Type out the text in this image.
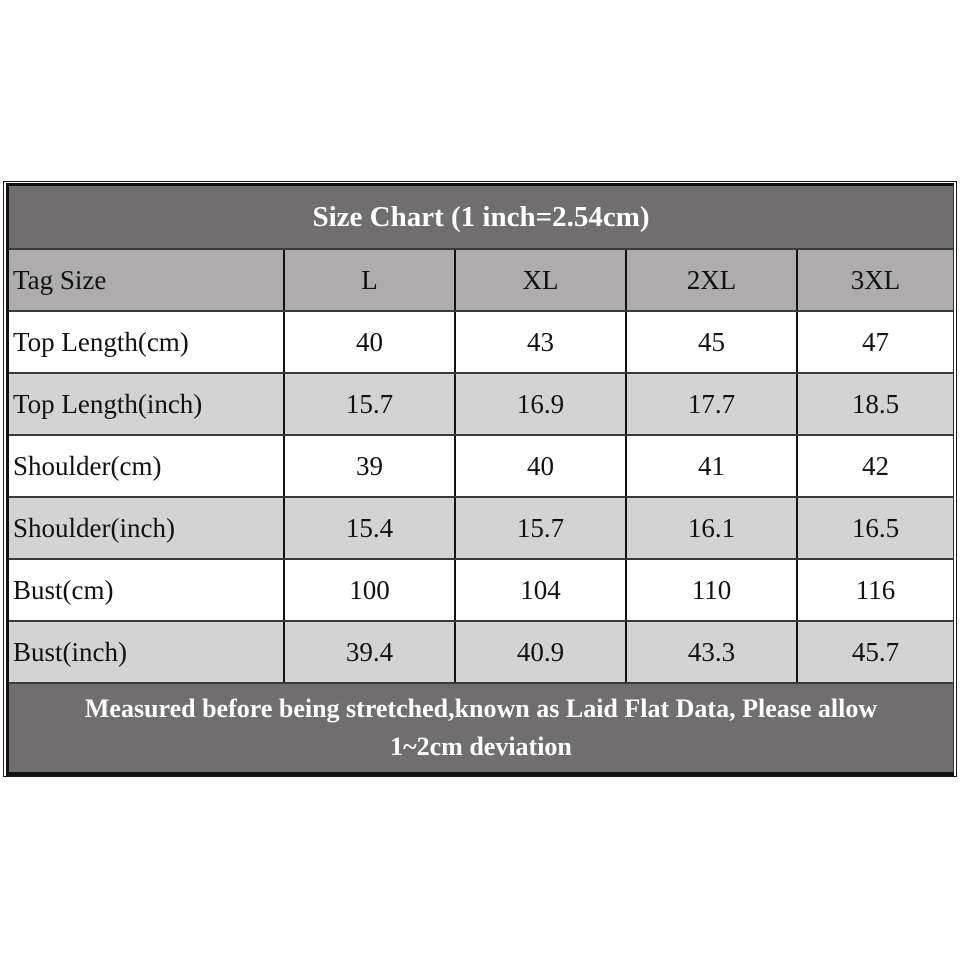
Size Chart (1 inch=2.54cm)
Tag Size	L	XL	2XL	3XL
Top Length(cm)	40	43	45	47
Top Length(inch)	15.7	16.9	17.7	18.5
Shoulder(cm)	39	40	41	42
Shoulder(inch)	15.4	15.7	16.1	16.5
Bust(cm)	100	104	110	116
Bust(inch)	39.4	40.9	43.3	45.7
Measured before being stretched,known as Laid Flat Data, Please allow
1~2cm deviation
